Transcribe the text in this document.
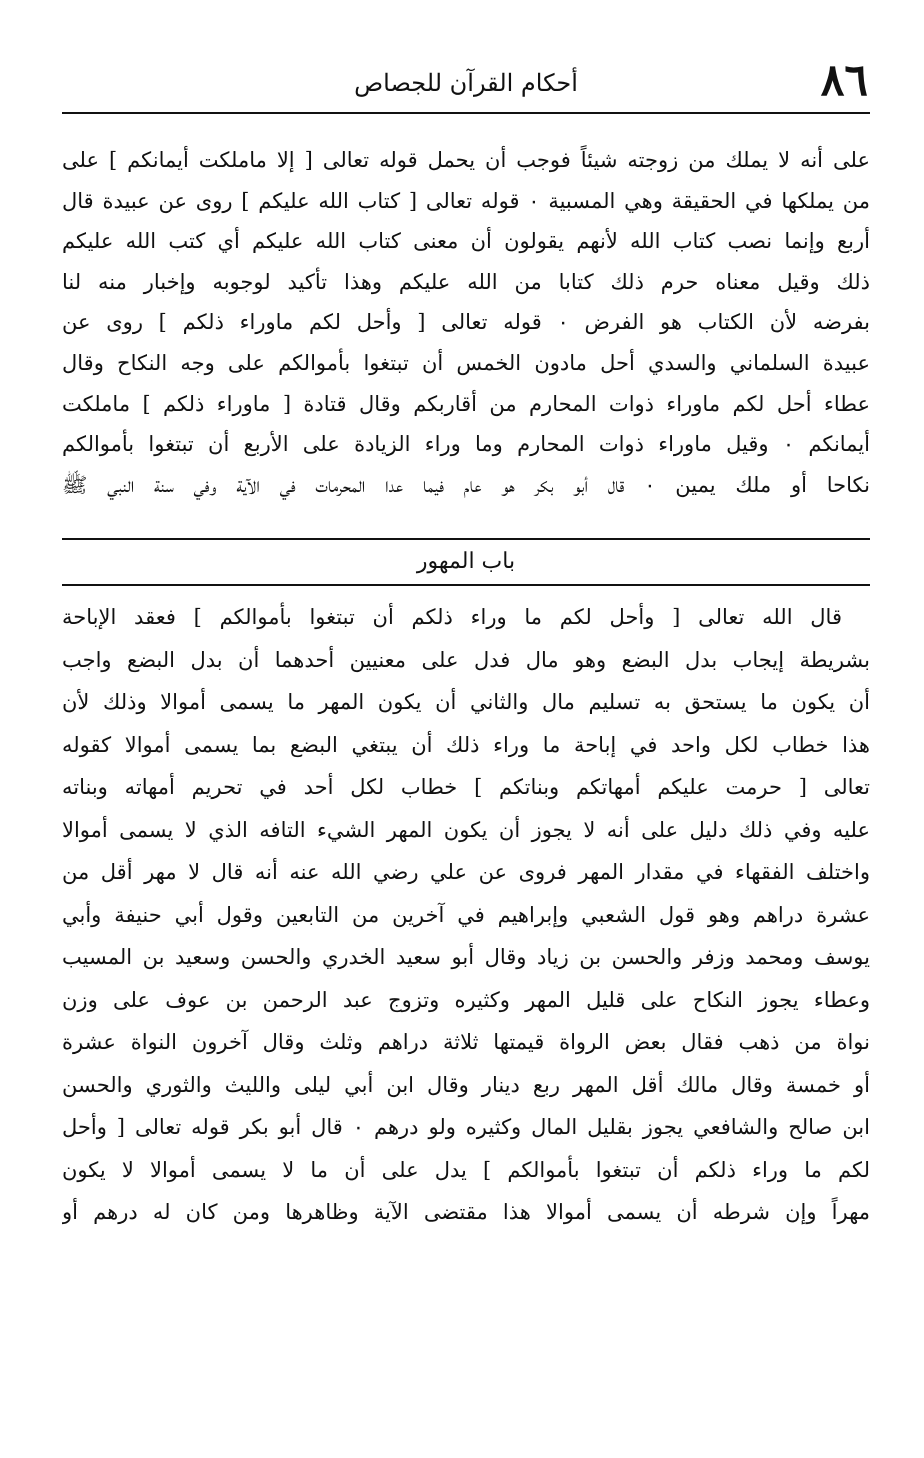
٨٦
أحكام القرآن للجصاص
على أنه لا يملك من زوجته شيئاً فوجب أن يحمل قوله تعالى [ إلا ماملكت أيمانكم ] على
من يملكها في الحقيقة وهي المسبية ۰ قوله تعالى [ كتاب الله عليكم ] روى عن عبيدة قال
أربع وإنما نصب كتاب الله لأنهم يقولون أن معنى كتاب الله عليكم أي كتب الله عليكم
ذلك وقيل معناه حرم ذلك كتابا من الله عليكم وهذا تأكيد لوجوبه وإخبار منه لنا
بفرضه لأن الكتاب هو الفرض ۰ قوله تعالى [ وأحل لكم ماوراء ذلكم ] روى عن
عبيدة السلماني والسدي أحل مادون الخمس أن تبتغوا بأموالكم على وجه النكاح وقال
عطاء أحل لكم ماوراء ذوات المحارم من أقاربكم وقال قتادة [ ماوراء ذلكم ] ماملكت
أيمانكم ۰ وقيل ماوراء ذوات المحارم وما وراء الزيادة على الأربع أن تبتغوا بأموالكم
نكاحا أو ملك يمين ۰ قال أبو بكر هو عام فيما عدا المحرمات في الآية وفي سنة النبي ﷺ
باب المهور
قال الله تعالى [ وأحل لكم ما وراء ذلكم أن تبتغوا بأموالكم ] فعقد الإباحة
بشريطة إيجاب بدل البضع وهو مال فدل على معنيين أحدهما أن بدل البضع واجب
أن يكون ما يستحق به تسليم مال والثاني أن يكون المهر ما يسمى أموالا وذلك لأن
هذا خطاب لكل واحد في إباحة ما وراء ذلك أن يبتغي البضع بما يسمى أموالا كقوله
تعالى [ حرمت عليكم أمهاتكم وبناتكم ] خطاب لكل أحد في تحريم أمهاته وبناته
عليه وفي ذلك دليل على أنه لا يجوز أن يكون المهر الشيء التافه الذي لا يسمى أموالا
واختلف الفقهاء في مقدار المهر فروى عن علي رضي الله عنه أنه قال لا مهر أقل من
عشرة دراهم وهو قول الشعبي وإبراهيم في آخرين من التابعين وقول أبي حنيفة وأبي
يوسف ومحمد وزفر والحسن بن زياد وقال أبو سعيد الخدري والحسن وسعيد بن المسيب
وعطاء يجوز النكاح على قليل المهر وكثيره وتزوج عبد الرحمن بن عوف على وزن
نواة من ذهب فقال بعض الرواة قيمتها ثلاثة دراهم وثلث وقال آخرون النواة عشرة
أو خمسة وقال مالك أقل المهر ربع دينار وقال ابن أبي ليلى والليث والثوري والحسن
ابن صالح والشافعي يجوز بقليل المال وكثيره ولو درهم ۰ قال أبو بكر قوله تعالى [ وأحل
لكم ما وراء ذلكم أن تبتغوا بأموالكم ] يدل على أن ما لا يسمى أموالا لا يكون
مهراً وإن شرطه أن يسمى أموالا هذا مقتضى الآية وظاهرها ومن كان له درهم أو
